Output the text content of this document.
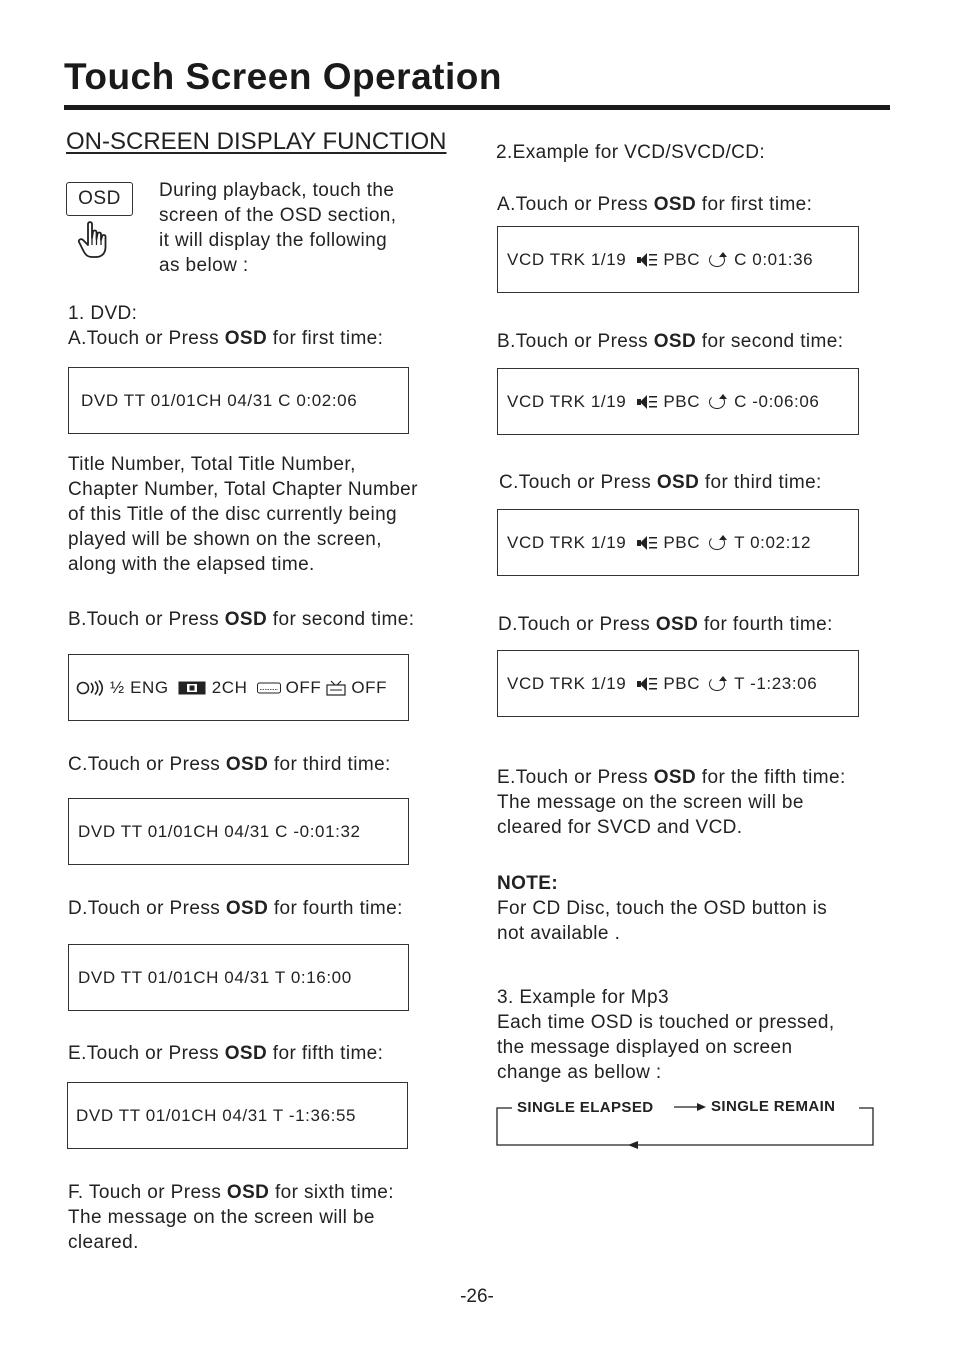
Touch Screen Operation
ON-SCREEN DISPLAY FUNCTION
OSD	During playback, touch the
screen of the OSD section,
it will display the following
as below :
1. DVD:
A.Touch or Press OSD for first time:
DVD TT 01/01CH 04/31 C 0:02:06
Title Number, Total Title Number,
Chapter Number, Total Chapter Number
of this Title of the disc currently being
played will be shown on the screen,
along with the elapsed time.
B.Touch or Press OSD for second time:
½ ENG	2CH OFF OFF
C.Touch or Press OSD for third time:
DVD TT 01/01CH 04/31 C -0:01:32
D.Touch or Press OSD for fourth time:
DVD TT 01/01CH 04/31 T 0:16:00
E.Touch or Press OSD for fifth time:
DVD TT 01/01CH 04/31 T -1:36:55
F. Touch or Press OSD for sixth time:
The message on the screen will be
cleared.
2.Example for VCD/SVCD/CD:
A.Touch or Press OSD for first time:
VCD TRK 1/19 PBC C 0:01:36
B.Touch or Press OSD for second time:
VCD TRK 1/19 PBC C -0:06:06
C.Touch or Press OSD for third time:
VCD TRK 1/19 PBC T 0:02:12
D.Touch or Press OSD for fourth time:
VCD TRK 1/19 PBC T -1:23:06
E.Touch or Press OSD for the fifth time:
The message on the screen will be
cleared for SVCD and VCD.
NOTE:
For CD Disc, touch the OSD button is
not available .
3. Example for Mp3
Each time OSD is touched or pressed,
the message displayed on screen
change as bellow :
SINGLE ELAPSED	SINGLE REMAIN
-26-
